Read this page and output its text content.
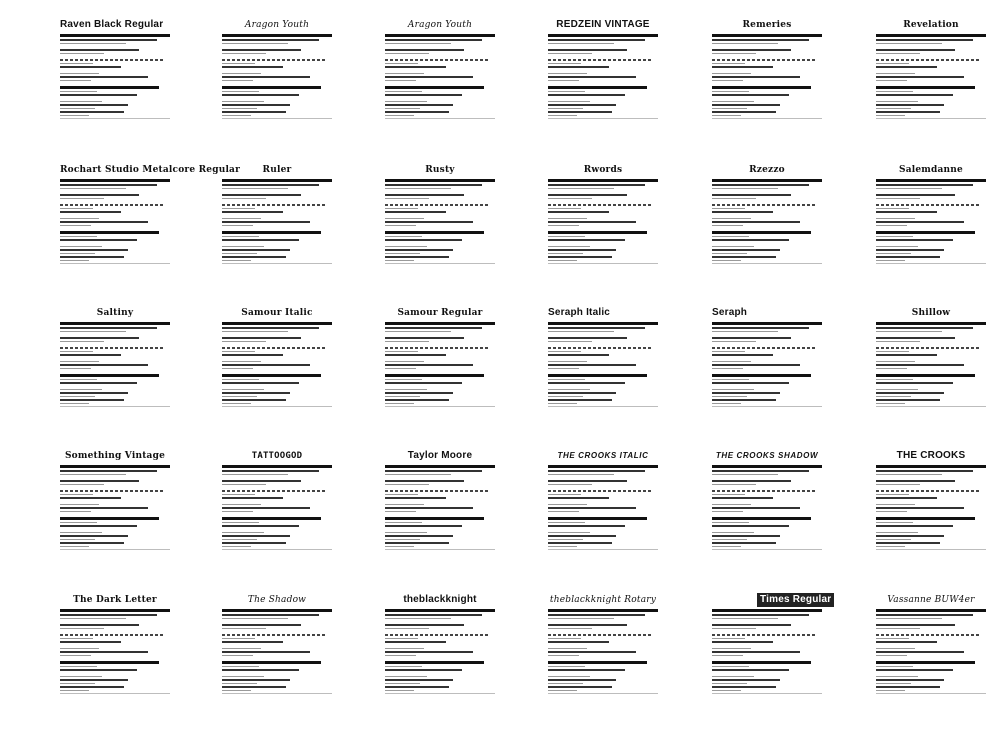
Raven Black Regular	Aragon Youth	Aragon Youth	REDZEIN VINTAGE	Remeries	Revelation
Rochart Studio Metalcore Regular	Ruler	Rusty	Rwords	Rzezzo	Salemdanne
Saltiny	Samour Italic	Samour Regular	Seraph Italic	Seraph	Shillow
Something Vintage	TATTOOGOD	Taylor Moore	THE CROOKS ITALIC	THE CROOKS SHADOW	THE CROOKS
The Dark Letter	The Shadow	theblackknight	theblackknight Rotary	Times Regular	Vassanne BUW4er
